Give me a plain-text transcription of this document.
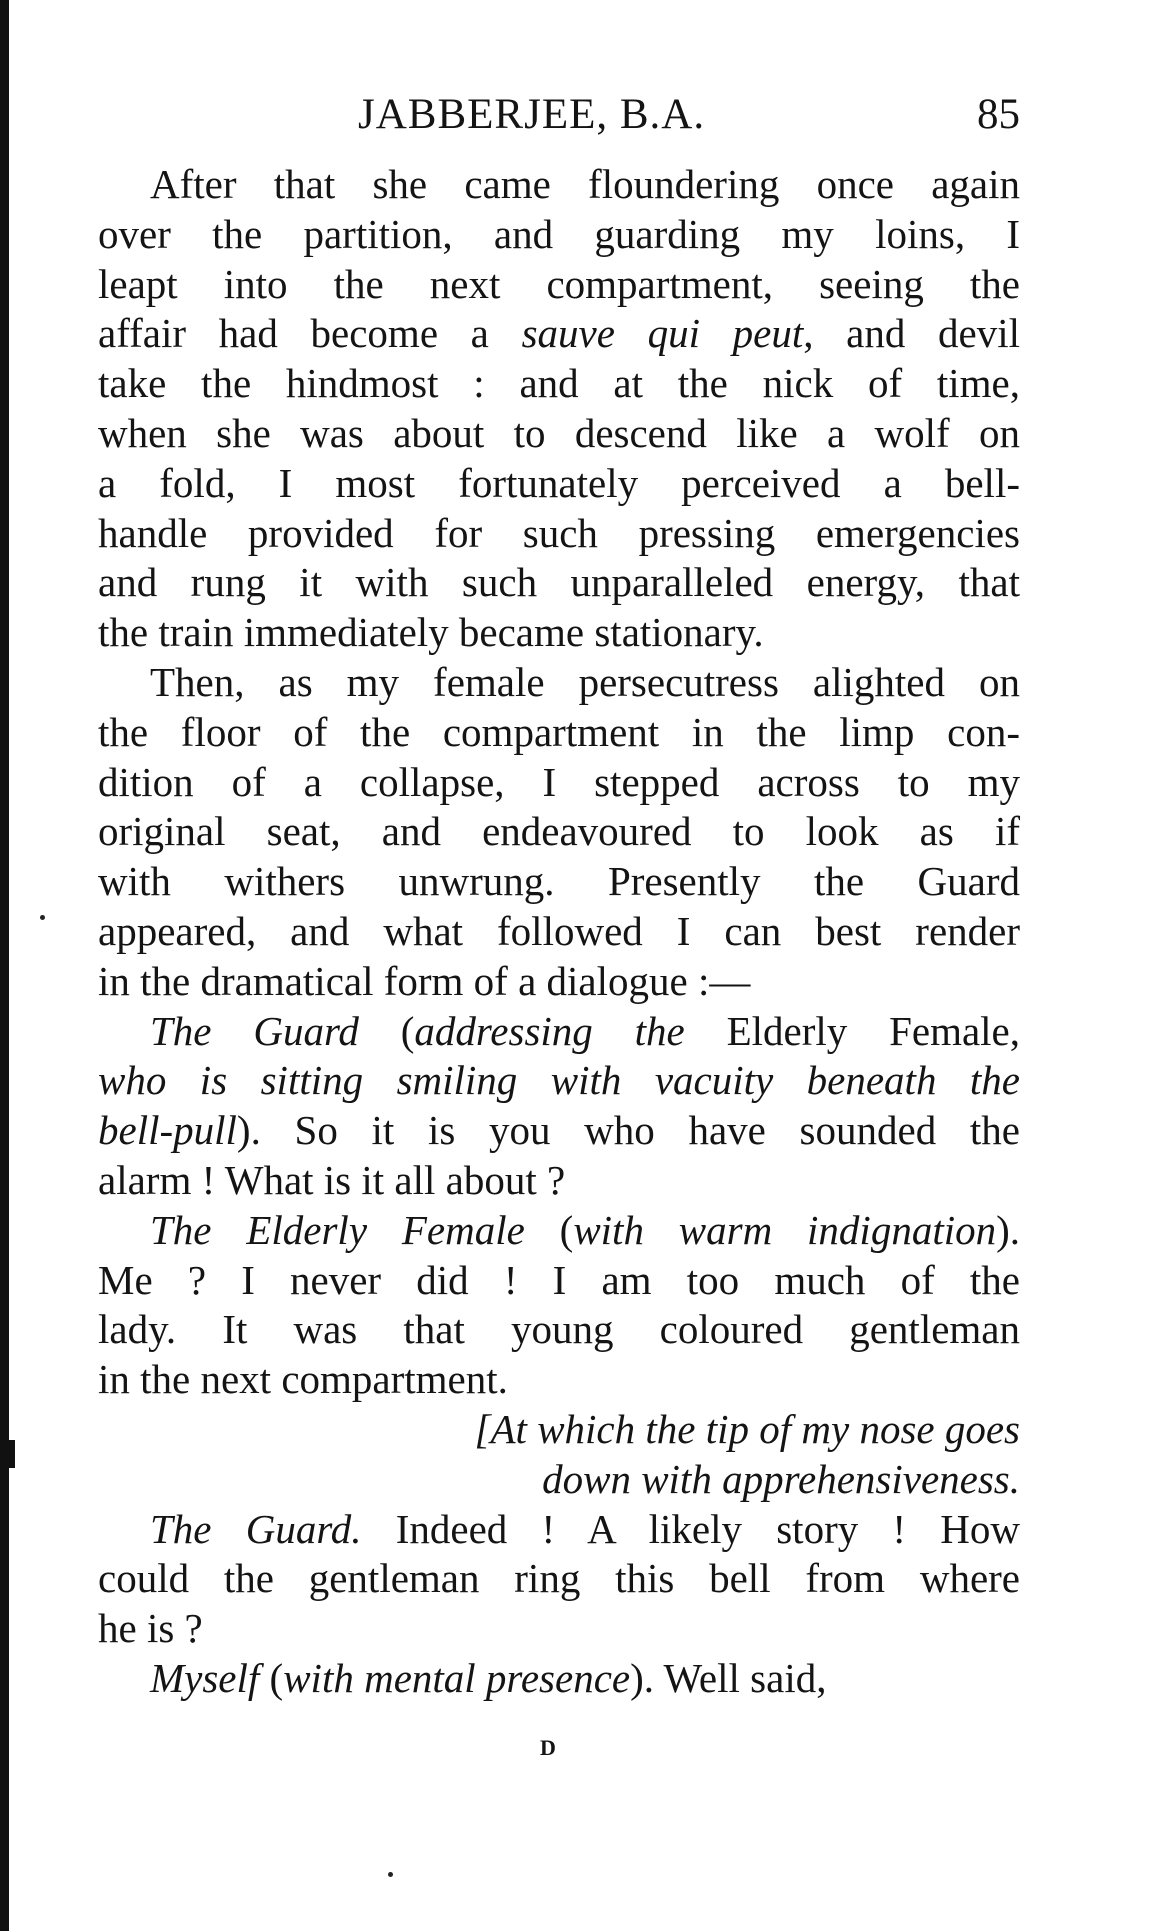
JABBERJEE, B.A.	85

After that she came floundering once again
over the partition, and guarding my loins, I
leapt into the next compartment, seeing the
affair had become a sauve qui peut, and devil
take the hindmost : and at the nick of time,
when she was about to descend like a wolf on
a fold, I most fortunately perceived a bell-
handle provided for such pressing emergencies
and rung it with such unparalleled energy, that
the train immediately became stationary.

Then, as my female persecutress alighted on
the floor of the compartment in the limp con-
dition of a collapse, I stepped across to my
original seat, and endeavoured to look as if
with withers unwrung. Presently the Guard
appeared, and what followed I can best render
in the dramatical form of a dialogue :—

The Guard (addressing the Elderly Female,
who is sitting smiling with vacuity beneath the
bell-pull). So it is you who have sounded the
alarm ! What is it all about ?

The Elderly Female (with warm indignation).
Me ? I never did ! I am too much of the
lady. It was that young coloured gentleman
in the next compartment.

[At which the tip of my nose goes
down with apprehensiveness.

The Guard. Indeed ! A likely story ! How
could the gentleman ring this bell from where
he is ?

Myself (with mental presence). Well said,

D
